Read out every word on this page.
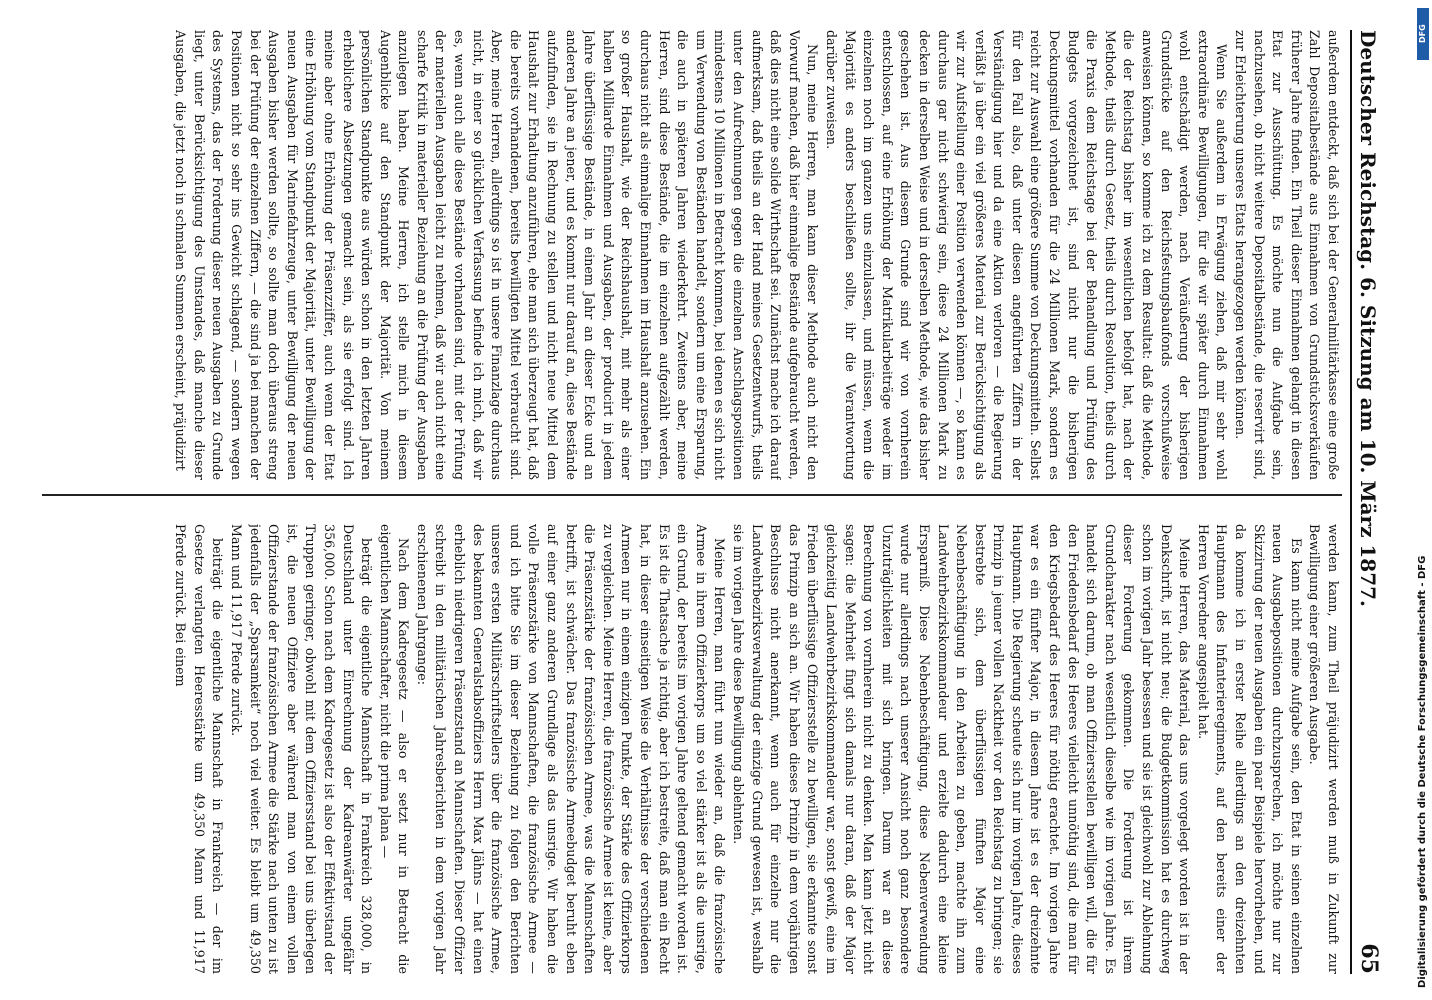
Deutscher Reichstag. 6. Sitzung am 10. März 1877.
65

außerdem entdeckt, daß sich bei der Generalmilitärkasse eine große Zahl Depositalbestände aus Einnahmen von Grundstücksverkäufen früherer Jahre finden. Ein Theil dieser Einnahmen gelangt in diesen Etat zur Ausschüttung. Es möchte nun die Aufgabe sein, nachzusehen, ob nicht weitere Depositalbestände, die reservirt sind, zur Erleichterung unseres Etats herangezogen werden können.

Wenn Sie außerdem in Erwägung ziehen, daß mir sehr wohl extraordinäre Bewilligungen, für die wir später durch Einnahmen wohl entschädigt werden, nach Veräußerung der bisherigen Grundstücke auf den Reichsfestungsbaufonds vorschußweise anweisen können, so komme ich zu dem Resultat: daß die Methode, die der Reichstag bisher im wesentlichen befolgt hat, nach der Methode, theils durch Gesetz, theils durch Resolution, theils durch die Praxis dem Reichstage bei der Behandlung und Prüfung des Budgets vorgezeichnet ist, sind nicht nur die bisherigen Deckungsmittel vorhanden für die 24 Millionen Mark, sondern es reicht zur Auswahl eine größere Summe von Deckungsmitteln. Selbst für den Fall also, daß unter diesen angeführten Ziffern in der Verständigung hier und da eine Aktion verloren — die Regierung verläßt ja über ein viel größeres Material zur Berücksichtigung als wir zur Aufstellung einer Position verwenden können —, so kann es durchaus gar nicht schwierig sein, diese 24 Millionen Mark zu decken in derselben Weise und in derselben Methode, wie das bisher geschehen ist. Aus diesem Grunde sind wir von vornherein entschlossen, auf eine Erhöhung der Matrikularbeiträge weder im einzelnen noch im ganzen uns einzulassen, und müssen, wenn die Majorität es anders beschließen sollte, ihr die Verantwortung darüber zuweisen.

Nun, meine Herren, man kann dieser Methode auch nicht den Vorwurf machen, daß hier einmalige Bestände aufgebraucht werden, daß dies nicht eine solide Wirthschaft sei. Zunächst mache ich darauf aufmerksam, daß theils an der Hand meines Gesetzentwurfs, theils unter den Aufrechnungen gegen die einzelnen Anschlagspositionen mindestens 10 Millionen in Betracht kommen, bei denen es sich nicht um Verwendung von Beständen handelt, sondern um eine Ersparung, die auch in späteren Jahren wiederkehrt. Zweitens aber, meine Herren, sind diese Bestände, die im einzelnen aufgezählt werden, durchaus nicht als einmalige Einnahmen im Haushalt anzusehen. Ein so großer Haushalt, wie der Reichshaushalt, mit mehr als einer halben Milliarde Einnahmen und Ausgaben, der producirt in jedem Jahre überflüssige Bestände, in einem Jahr an dieser Ecke und an anderen Jahre an jener, und es kommt nur darauf an, diese Bestände aufzufinden, sie in Rechnung zu stellen und nicht neue Mittel dem Haushalt zur Erhaltung anzuführen, ehe man sich überzeugt hat, daß die bereits vorhandenen, bereits bewilligten Mittel verbraucht sind. Aber, meine Herren, allerdings so ist in unsere Finanzlage durchaus nicht, in einer so glücklichen Verfassung befinde ich mich, daß wir es, wenn auch alle diese Bestände vorhanden sind, mit der Prüfung der materiellen Ausgaben leicht zu nehmen, daß wir auch nicht eine scharfe Kritik in materieller Beziehung an die Prüfung der Ausgaben anzulegen haben. Meine Herren, ich stelle mich in diesem Augenblicke auf den Standpunkt der Majorität. Von meinem persönlichen Standpunkte aus würden schon in den letzten Jahren erheblichere Absetzungen gemacht sein, als sie erfolgt sind. Ich meine aber ohne Erhöhung der Präsenzziffer, auch wenn der Etat eine Erhöhung vom Standpunkt der Majorität, unter Bewilligung der neuen Ausgaben für Marinefahrzeuge, unter Bewilligung der neuen Ausgaben bisher werden sollte, so sollte man doch überaus streng bei der Prüfung der einzelnen Ziffern, — die sind ja bei manchen der Positionen nicht so sehr ins Gewicht schlagend, — sondern wegen des Systems, das der Forderung dieser neuen Ausgaben zu Grunde liegt, unter Berücksichtigung des Umstandes, daß manche dieser Ausgaben, die jetzt noch in schmalen Summen erscheint, präjudizirt

werden kann, zum Theil präjudizirt werden muß in Zukunft zur Bewilligung einer größeren Ausgabe.

Es kann nicht meine Aufgabe sein, den Etat in seinen einzelnen neuen Ausgabepositionen durchzusprechen, ich möchte nur zur Skizzirung der neuen Ausgaben ein paar Beispiele hervorheben, und da komme ich in erster Reihe allerdings an den dreizehnten Hauptmann des Infanterieregiments, auf den bereits einer der Herren Vorredner angespielt hat.

Meine Herren, das Material, das uns vorgelegt worden ist in der Denkschrift, ist nicht neu; die Budgetkommission hat es durchweg schon im vorigen Jahr besessen und sie ist gleichwohl zur Ablehnung dieser Forderung gekommen. Die Forderung ist ihrem Grundcharakter nach wesentlich dieselbe wie im vorigen Jahre. Es handelt sich darum, ob man Offiziersstellen bewilligen will, die für den Friedensbedarf des Heeres vielleicht unnöthig sind, die man für den Kriegsbedarf des Heeres für nöthig erachtet. Im vorigen Jahre war es ein fünfter Major, in diesem Jahre ist es der dreizehnte Hauptmann. Die Regierung scheute sich nur im vorigen Jahre, dieses Prinzip in jeuner vollen Nacktheit vor den Reichstag zu bringen; sie bestrebte sich, dem überflüssigen fünften Major eine Nebenbeschäftigung in den Arbeiten zu geben, machte ihn zum Landwehrbezirkskommandeur und erzielte dadurch eine kleine Ersparniß. Diese Nebenbeschäftigung, diese Nebenverwendung wurde nur allerdings nach unserer Ansicht noch ganz besondere Unzuträglichkeiten mit sich bringen. Darum war an diese Berechnung von vornherein nicht zu denken. Man kann jetzt nicht sagen: die Mehrheit fingt sich damals nur daran, daß der Major gleichzeitig Landwehrbezirkskommandeur war, sonst gewiß, eine im Frieden überflüssige Offiziersstelle zu bewilligen, sie erkannte sonst das Prinzip an sich an. Wir haben dieses Prinzip in dem vorjährigen Beschlusse nicht anerkannt, wenn auch für einzelne nur die Landwehrbezirksverwaltung der einzige Grund gewesen ist, weshalb sie im vorigen Jahre diese Bewilligung ablehnten.

Meine Herren, man führt nun wieder an, daß die französische Armee in ihrem Offizierkorps um so viel stärker ist als die unsrige, ein Grund, der bereits im vorigen Jahre geltend gemacht worden ist. Es ist die Thatsache ja richtig, aber ich bestreite, daß man ein Recht hat, in dieser einseitigen Weise die Verhältnisse der verschiedenen Armeen nur in einem einzigen Punkte, der Stärke des Offizierkorps zu vergleichen. Meine Herren, die französische Armee ist keine, aber die Präsenzstärke der französischen Armee, was die Mannschaften betrifft, ist schwächer. Das französische Armeebudget beruht eben auf einer ganz anderen Grundlage als das unsrige. Wir haben die volle Präsenzstärke von Mannschaften, die französische Armee — und ich bitte Sie im dieser Beziehung zu folgen den Berichten unseres ersten Militärschriftstellers über die französische Armee, des bekannten Generalstabsoffiziers Herrn Max Jähns — hat einen erheblich niedrigeren Präsenzstand an Mannschaften. Dieser Offizier schreibt in den militärischen Jahresberichten in dem vorigen Jahr erschienenen Jahrgange:

Nach dem Kadregesetz — also er setzt nur in Betracht die eigentlichen Mannschafter, nicht die prima plana —

beträgt die eigentliche Mannschaft in Frankreich 328,000, in Deutschland unter Einrechnung der Kadreanwärter ungefähr 356,000. Schon nach dem Kadregesetz ist also der Effektivstand der Truppen geringer, obwohl mit dem Offiziersstand bei uns überlegen ist, die neuen Offiziere aber während man von einem vollen Offizierstande der französischen Armee die Stärke nach unten zu ist jedenfalls der „Sparsamkeit“ noch viel weiter. Es bleibt um 49,350 Mann und 11,917 Pferde zurück.

beiträgt die eigentliche Mannschaft in Frankreich — der im Gesetze verlangten Heeresstärke um 49,350 Mann und 11,917 Pferde zurück. Bei einem

DFG
Digitalisierung gefördert durch die Deutsche Forschungsgemeinschaft - DFG
